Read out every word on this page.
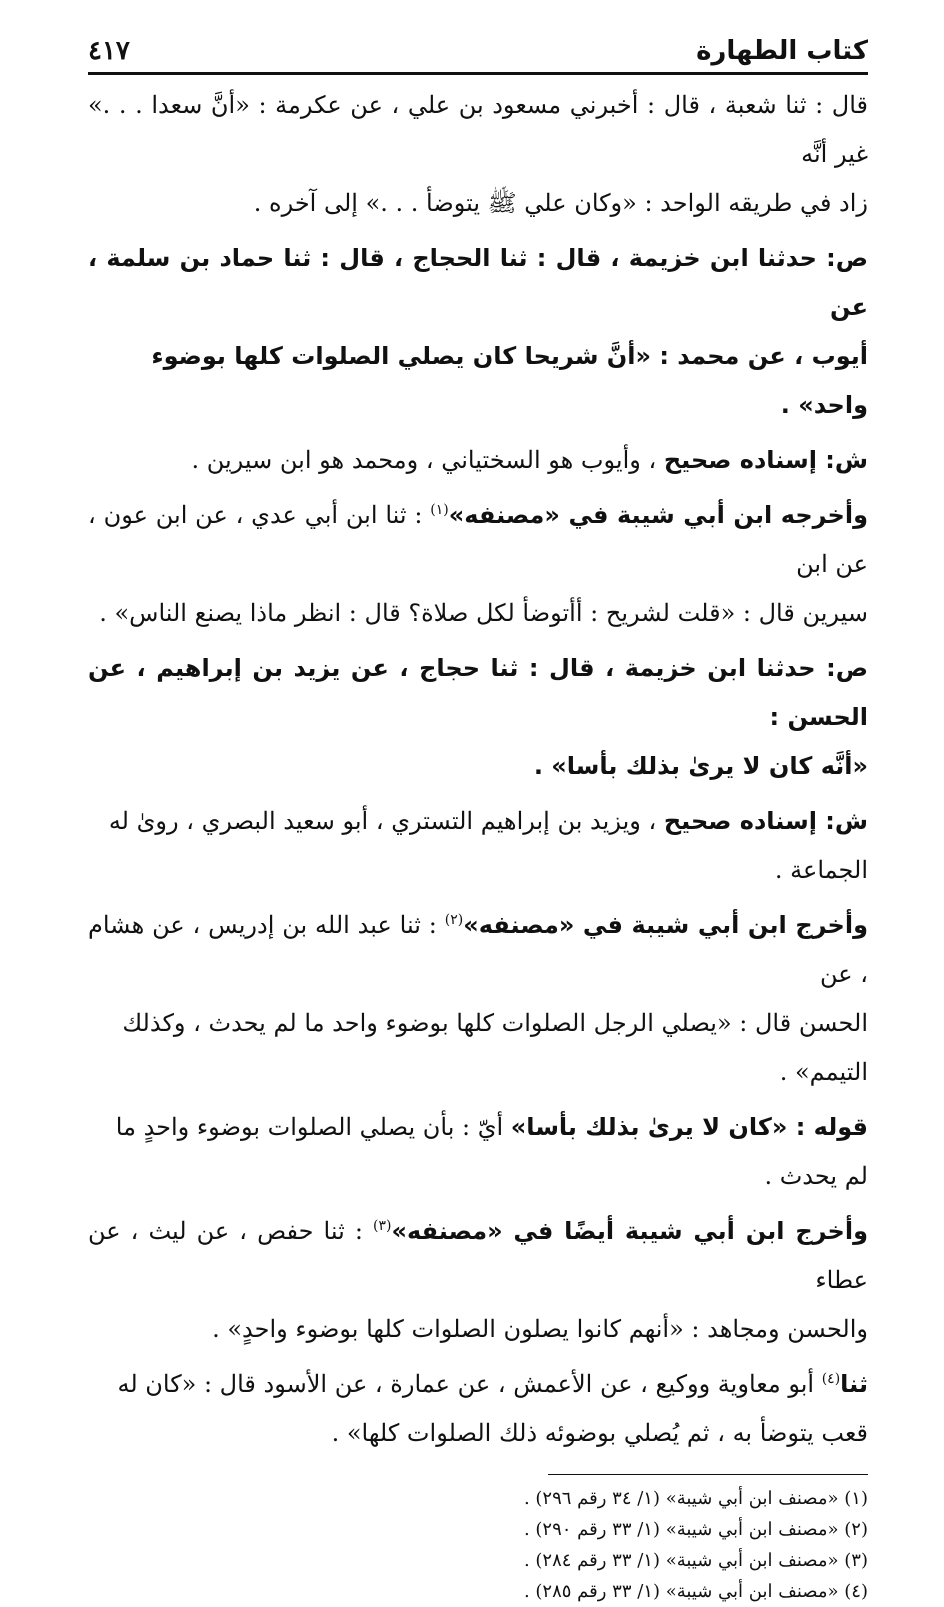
كتاب الطهارة
٤١٧

قال : ثنا شعبة ، قال : أخبرني مسعود بن علي ، عن عكرمة : «أنَّ سعدا . . .» غير أنَّه

زاد في طريقه الواحد : «وكان علي ﷺ يتوضأ . . .» إلى آخره .

ص: حدثنا ابن خزيمة ، قال : ثنا الحجاج ، قال : ثنا حماد بن سلمة ، عن

أيوب ، عن محمد : «أنَّ شريحا كان يصلي الصلوات كلها بوضوء واحد» .

ش: إسناده صحيح ، وأيوب هو السختياني ، ومحمد هو ابن سيرين .

وأخرجه ابن أبي شيبة في «مصنفه»$^{(١)}$ : ثنا ابن أبي عدي ، عن ابن عون ، عن ابن

سيرين قال : «قلت لشريح : أأتوضأ لكل صلاة؟ قال : انظر ماذا يصنع الناس» .

ص: حدثنا ابن خزيمة ، قال : ثنا حجاج ، عن يزيد بن إبراهيم ، عن الحسن :

«أنَّه كان لا يرىٰ بذلك بأسا» .

ش: إسناده صحيح ، ويزيد بن إبراهيم التستري ، أبو سعيد البصري ، روىٰ له

الجماعة .

وأخرج ابن أبي شيبة في «مصنفه»$^{(٢)}$ : ثنا عبد الله بن إدريس ، عن هشام ، عن

الحسن قال : «يصلي الرجل الصلوات كلها بوضوء واحد ما لم يحدث ، وكذلك

التيمم» .

قوله : «كان لا يرىٰ بذلك بأسا» أيّ : بأن يصلي الصلوات بوضوء واحدٍ ما

لم يحدث .

وأخرج ابن أبي شيبة أيضًا في «مصنفه»$^{(٣)}$ : ثنا حفص ، عن ليث ، عن عطاء

والحسن ومجاهد : «أنهم كانوا يصلون الصلوات كلها بوضوء واحدٍ» .

ثنا$^{(٤)}$ أبو معاوية ووكيع ، عن الأعمش ، عن عمارة ، عن الأسود قال : «كان له

قعب يتوضأ به ، ثم يُصلي بوضوئه ذلك الصلوات كلها» .

(١) «مصنف ابن أبي شيبة» (١/ ٣٤ رقم ٢٩٦) .

(٢) «مصنف ابن أبي شيبة» (١/ ٣٣ رقم ٢٩٠) .

(٣) «مصنف ابن أبي شيبة» (١/ ٣٣ رقم ٢٨٤) .

(٤) «مصنف ابن أبي شيبة» (١/ ٣٣ رقم ٢٨٥) .
